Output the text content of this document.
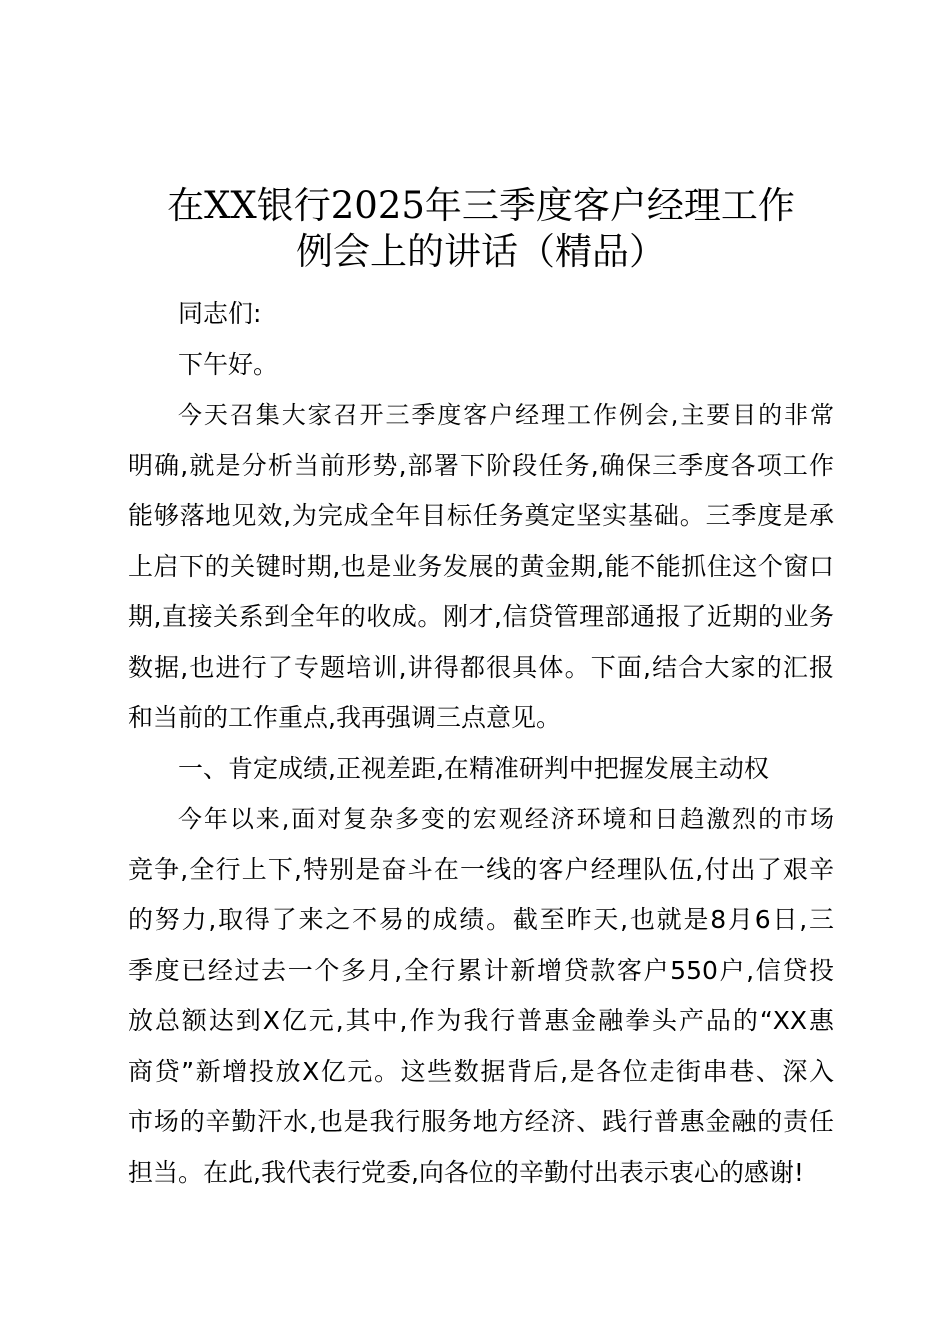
在XX银行2025年三季度客户经理工作
例会上的讲话（精品）

同志们:

下午好。

今天召集大家召开三季度客户经理工作例会,主要目的非常
明确,就是分析当前形势,部署下阶段任务,确保三季度各项工作
能够落地见效,为完成全年目标任务奠定坚实基础。三季度是承
上启下的关键时期,也是业务发展的黄金期,能不能抓住这个窗口
期,直接关系到全年的收成。刚才,信贷管理部通报了近期的业务
数据,也进行了专题培训,讲得都很具体。下面,结合大家的汇报
和当前的工作重点,我再强调三点意见。

一、肯定成绩,正视差距,在精准研判中把握发展主动权

今年以来,面对复杂多变的宏观经济环境和日趋激烈的市场
竞争,全行上下,特别是奋斗在一线的客户经理队伍,付出了艰辛
的努力,取得了来之不易的成绩。截至昨天,也就是8月6日,三
季度已经过去一个多月,全行累计新增贷款客户550户,信贷投
放总额达到X亿元,其中,作为我行普惠金融拳头产品的“XX惠
商贷”新增投放X亿元。这些数据背后,是各位走街串巷、深入
市场的辛勤汗水,也是我行服务地方经济、践行普惠金融的责任
担当。在此,我代表行党委,向各位的辛勤付出表示衷心的感谢!
